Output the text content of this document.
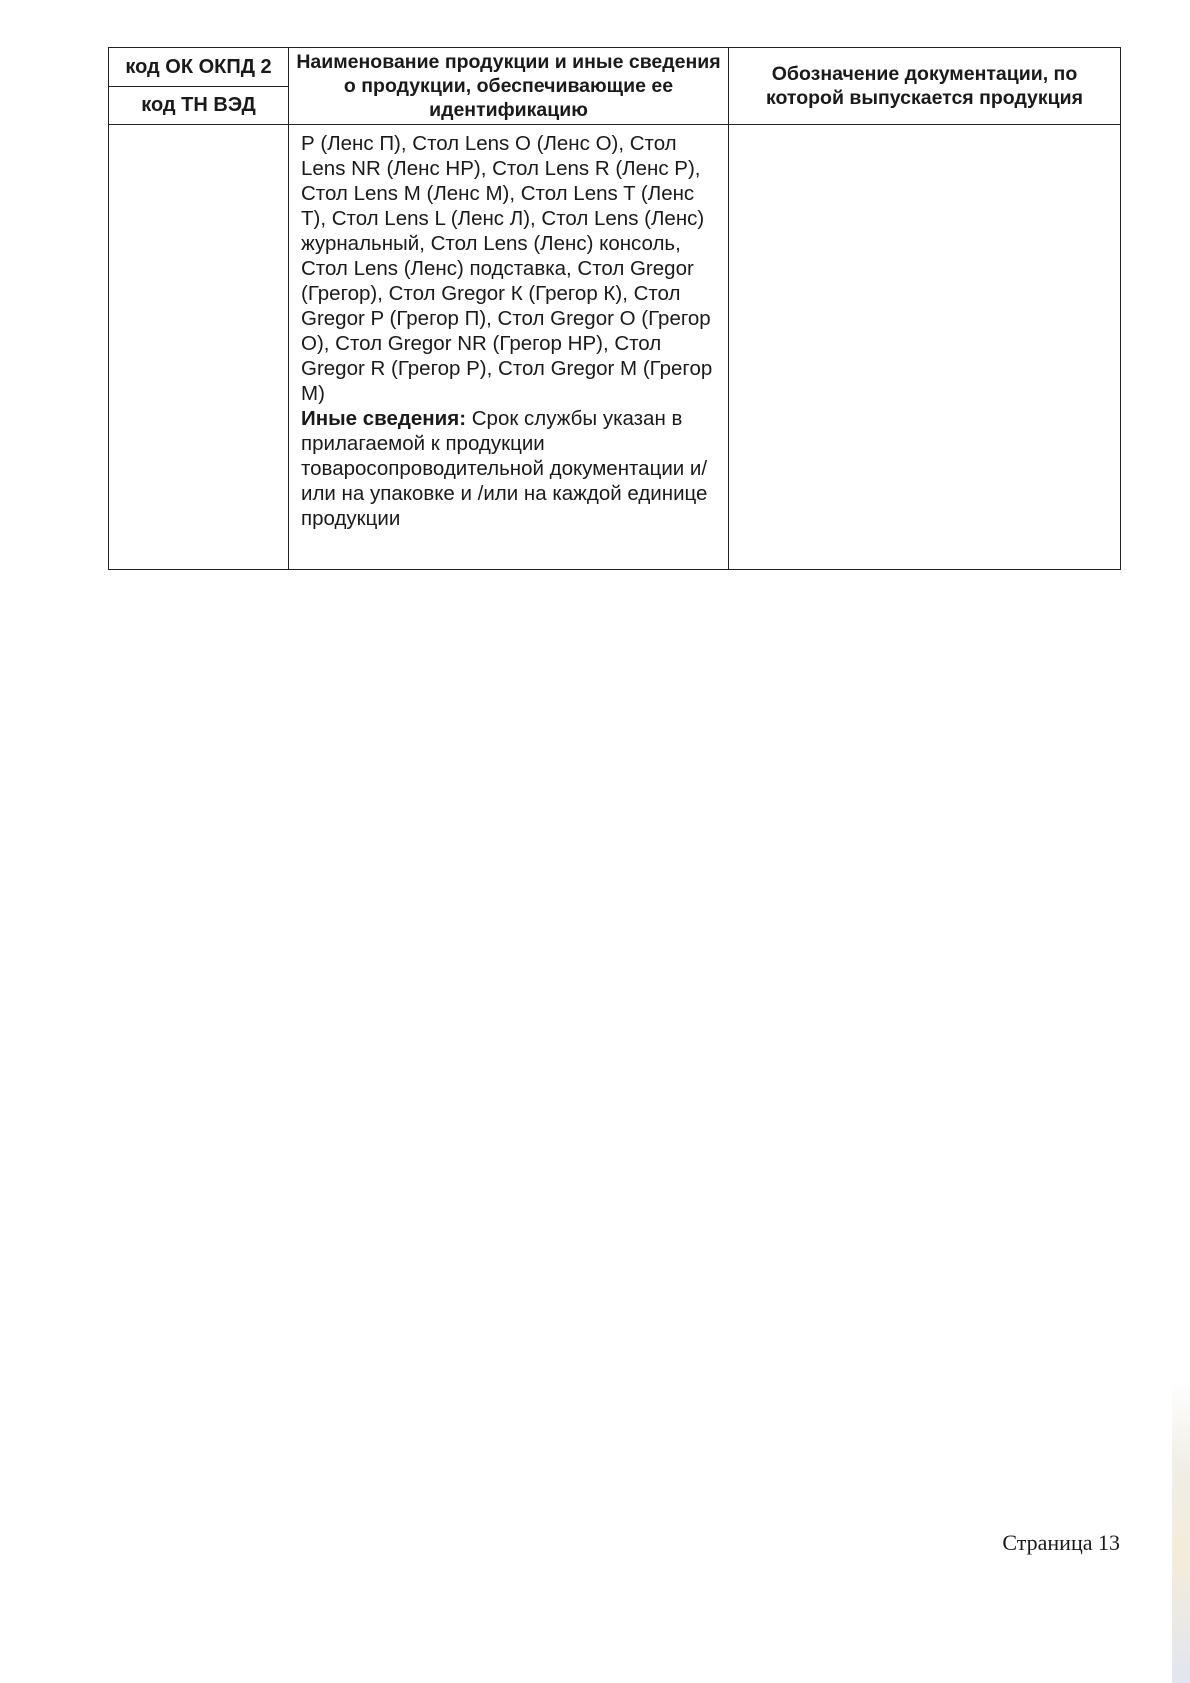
код ОК ОКПД 2	Наименование продукции и иные сведения о продукции, обеспечивающие ее идентификацию	Обозначение документации, по которой выпускается продукция
код ТН ВЭД		
	Р (Ленс П), Стол Lens О (Ленс О), Стол Lens NR (Ленс НР), Стол Lens R (Ленс Р), Стол Lens M (Ленс М), Стол Lens T (Ленс Т), Стол Lens L (Ленс Л), Стол Lens (Ленс) журнальный, Стол Lens (Ленс) консоль, Стол Lens (Ленс) подставка, Стол Gregor (Грегор), Стол Gregor К (Грегор К), Стол Gregor P (Грегор П), Стол Gregor О (Грегор О), Стол Gregor NR (Грегор НР), Стол Gregor R (Грегор Р), Стол Gregor M (Грегор М)
Иные сведения: Срок службы указан в прилагаемой к продукции товаросопроводительной документации и/или на упаковке и /или на каждой единице продукции	
Страница 13
